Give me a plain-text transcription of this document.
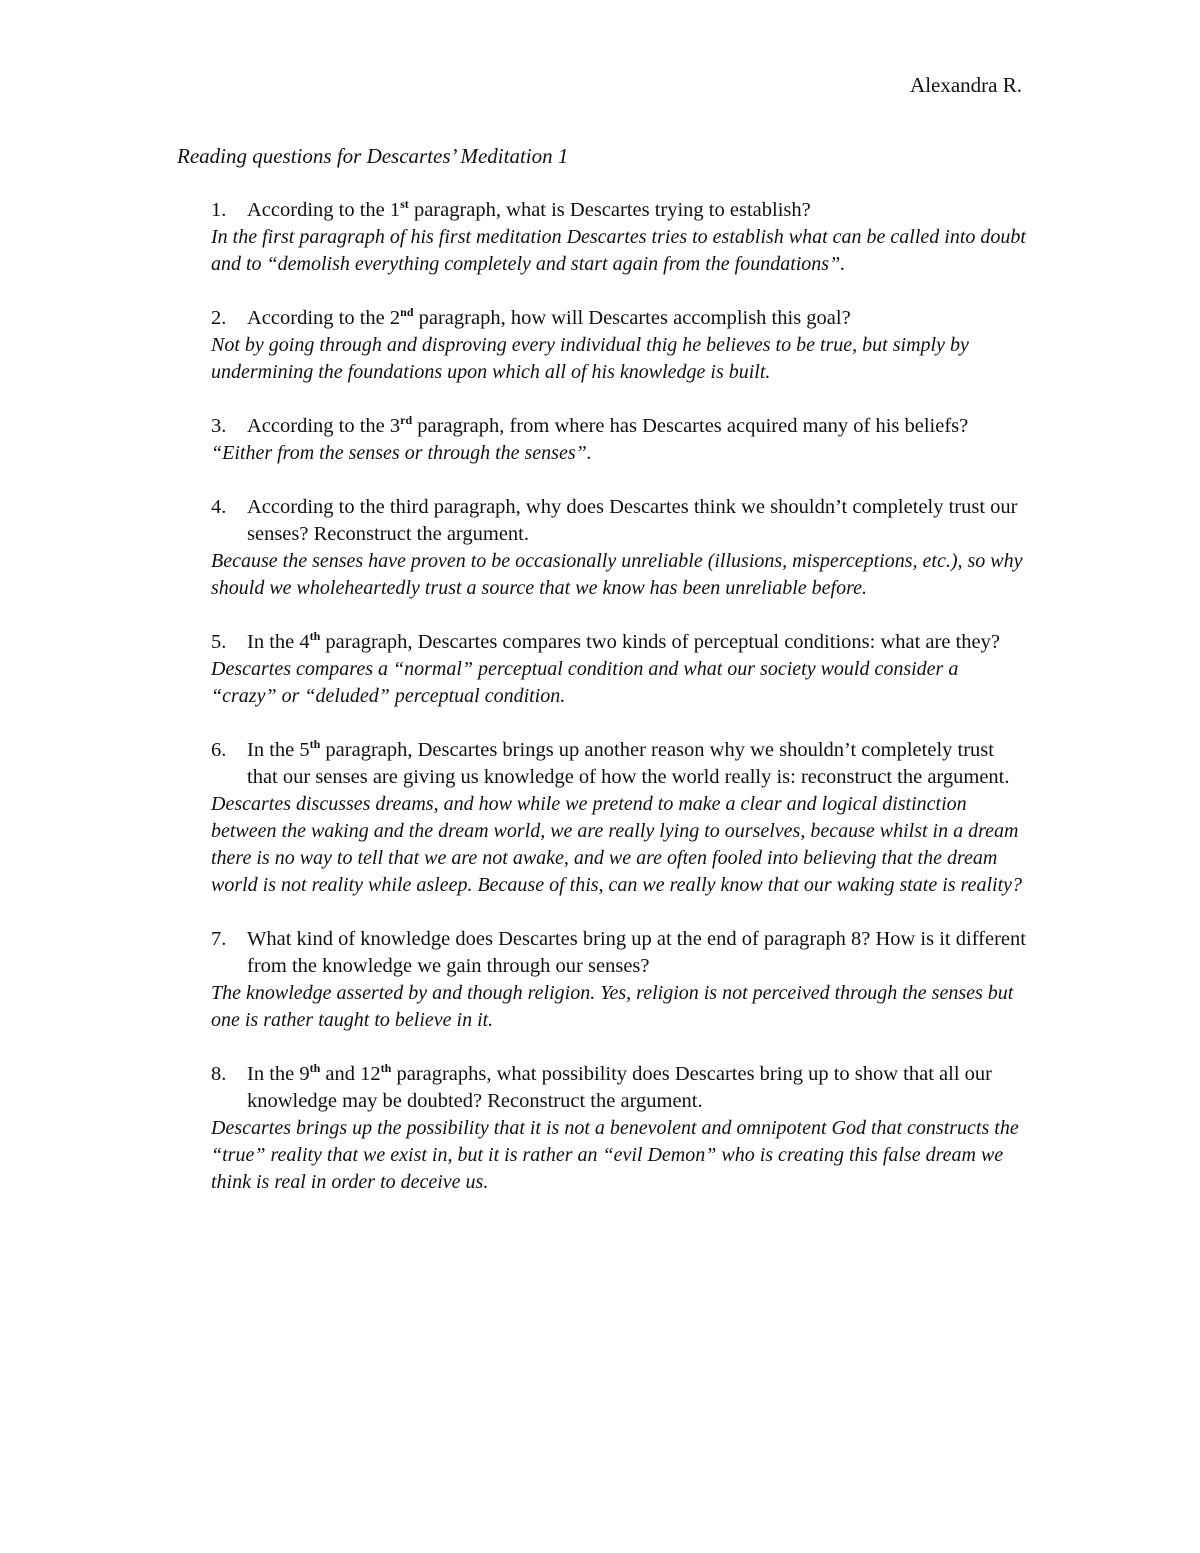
Alexandra R.
Reading questions for Descartes’ Meditation 1
1. According to the 1st paragraph, what is Descartes trying to establish?
In the first paragraph of his first meditation Descartes tries to establish what can be called into doubt and to “demolish everything completely and start again from the foundations”.
2. According to the 2nd paragraph, how will Descartes accomplish this goal?
Not by going through and disproving every individual thig he believes to be true, but simply by undermining the foundations upon which all of his knowledge is built.
3. According to the 3rd paragraph, from where has Descartes acquired many of his beliefs?
“Either from the senses or through the senses”.
4. According to the third paragraph, why does Descartes think we shouldn’t completely trust our senses? Reconstruct the argument.
Because the senses have proven to be occasionally unreliable (illusions, misperceptions, etc.), so why should we wholeheartedly trust a source that we know has been unreliable before.
5. In the 4th paragraph, Descartes compares two kinds of perceptual conditions: what are they?
Descartes compares a “normal” perceptual condition and what our society would consider a “crazy” or “deluded” perceptual condition.
6. In the 5th paragraph, Descartes brings up another reason why we shouldn’t completely trust that our senses are giving us knowledge of how the world really is: reconstruct the argument.
Descartes discusses dreams, and how while we pretend to make a clear and logical distinction between the waking and the dream world, we are really lying to ourselves, because whilst in a dream there is no way to tell that we are not awake, and we are often fooled into believing that the dream world is not reality while asleep. Because of this, can we really know that our waking state is reality?
7. What kind of knowledge does Descartes bring up at the end of paragraph 8? How is it different from the knowledge we gain through our senses?
The knowledge asserted by and though religion. Yes, religion is not perceived through the senses but one is rather taught to believe in it.
8. In the 9th and 12th paragraphs, what possibility does Descartes bring up to show that all our knowledge may be doubted? Reconstruct the argument.
Descartes brings up the possibility that it is not a benevolent and omnipotent God that constructs the “true” reality that we exist in, but it is rather an “evil Demon” who is creating this false dream we think is real in order to deceive us.
